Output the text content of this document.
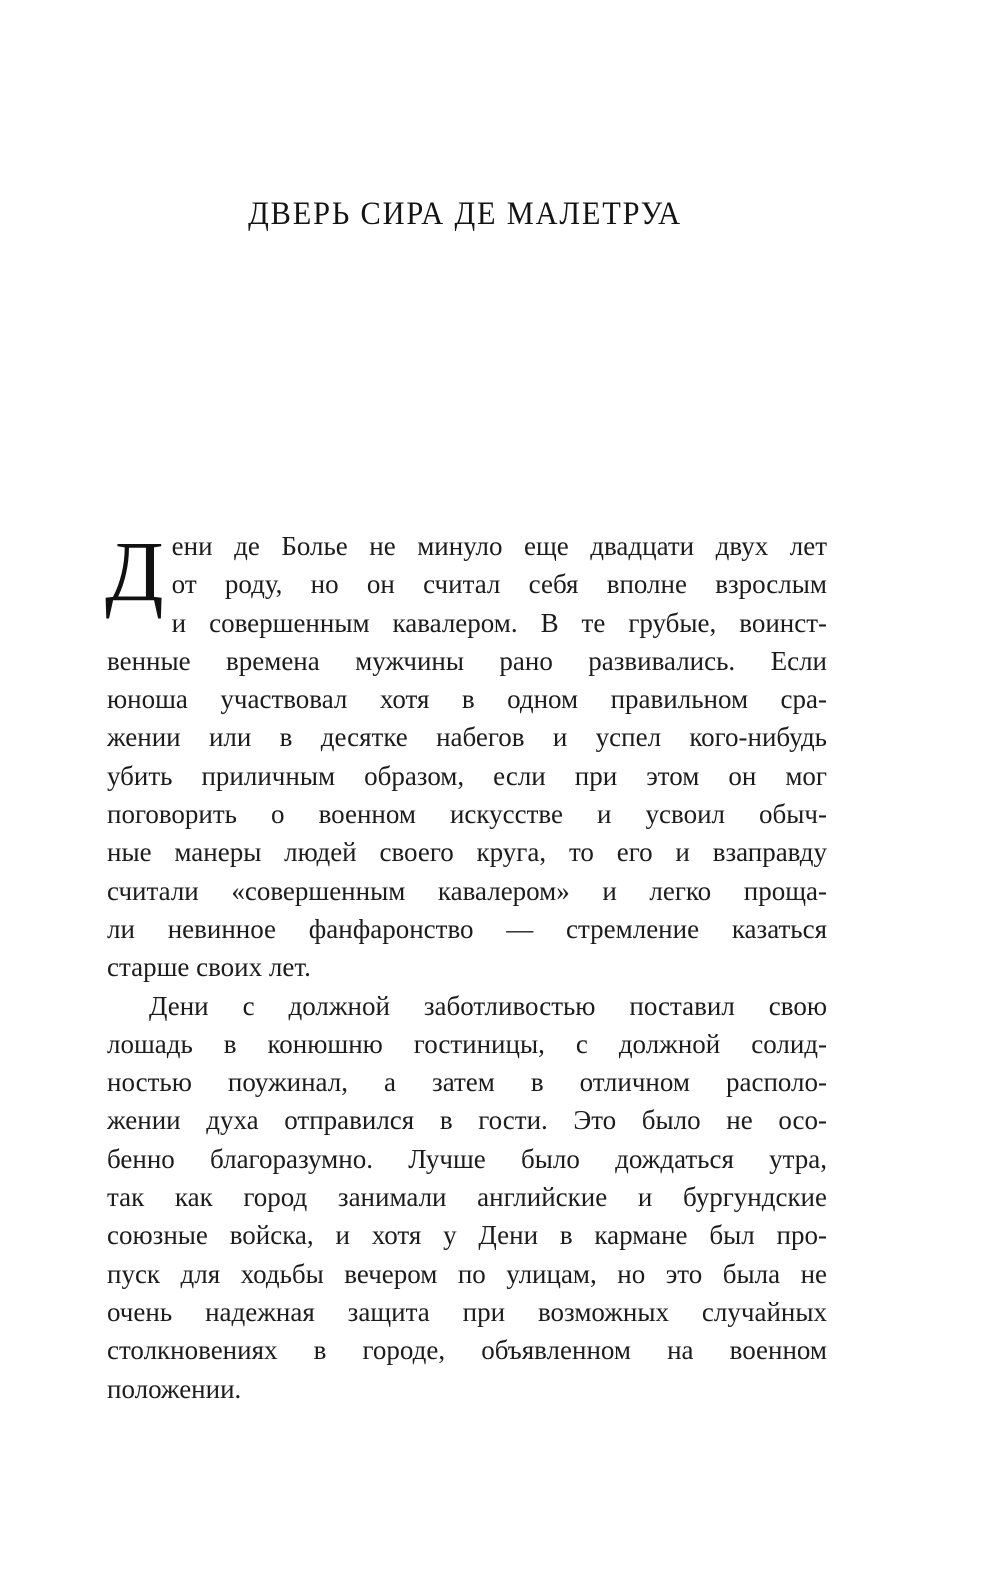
ДВЕРЬ СИРА ДЕ МАЛЕТРУА
Д ени де Болье не минуло еще двадцати двух лет
от роду, но он считал себя вполне взрослым
и совершенным кавалером. В те грубые, воинст-
венные времена мужчины рано развивались. Если
юноша участвовал хотя в одном правильном сра-
жении или в десятке набегов и успел кого-нибудь
убить приличным образом, если при этом он мог
поговорить о военном искусстве и усвоил обыч-
ные манеры людей своего круга, то его и взаправду
считали «совершенным кавалером» и легко проща-
ли невинное фанфаронство — стремление казаться
старше своих лет.
Дени с должной заботливостью поставил свою
лошадь в конюшню гостиницы, с должной солид-
ностью поужинал, а затем в отличном располо-
жении духа отправился в гости. Это было не осо-
бенно благоразумно. Лучше было дождаться утра,
так как город занимали английские и бургундские
союзные войска, и хотя у Дени в кармане был про-
пуск для ходьбы вечером по улицам, но это была не
очень надежная защита при возможных случайных
столкновениях в городе, объявленном на военном
положении.
